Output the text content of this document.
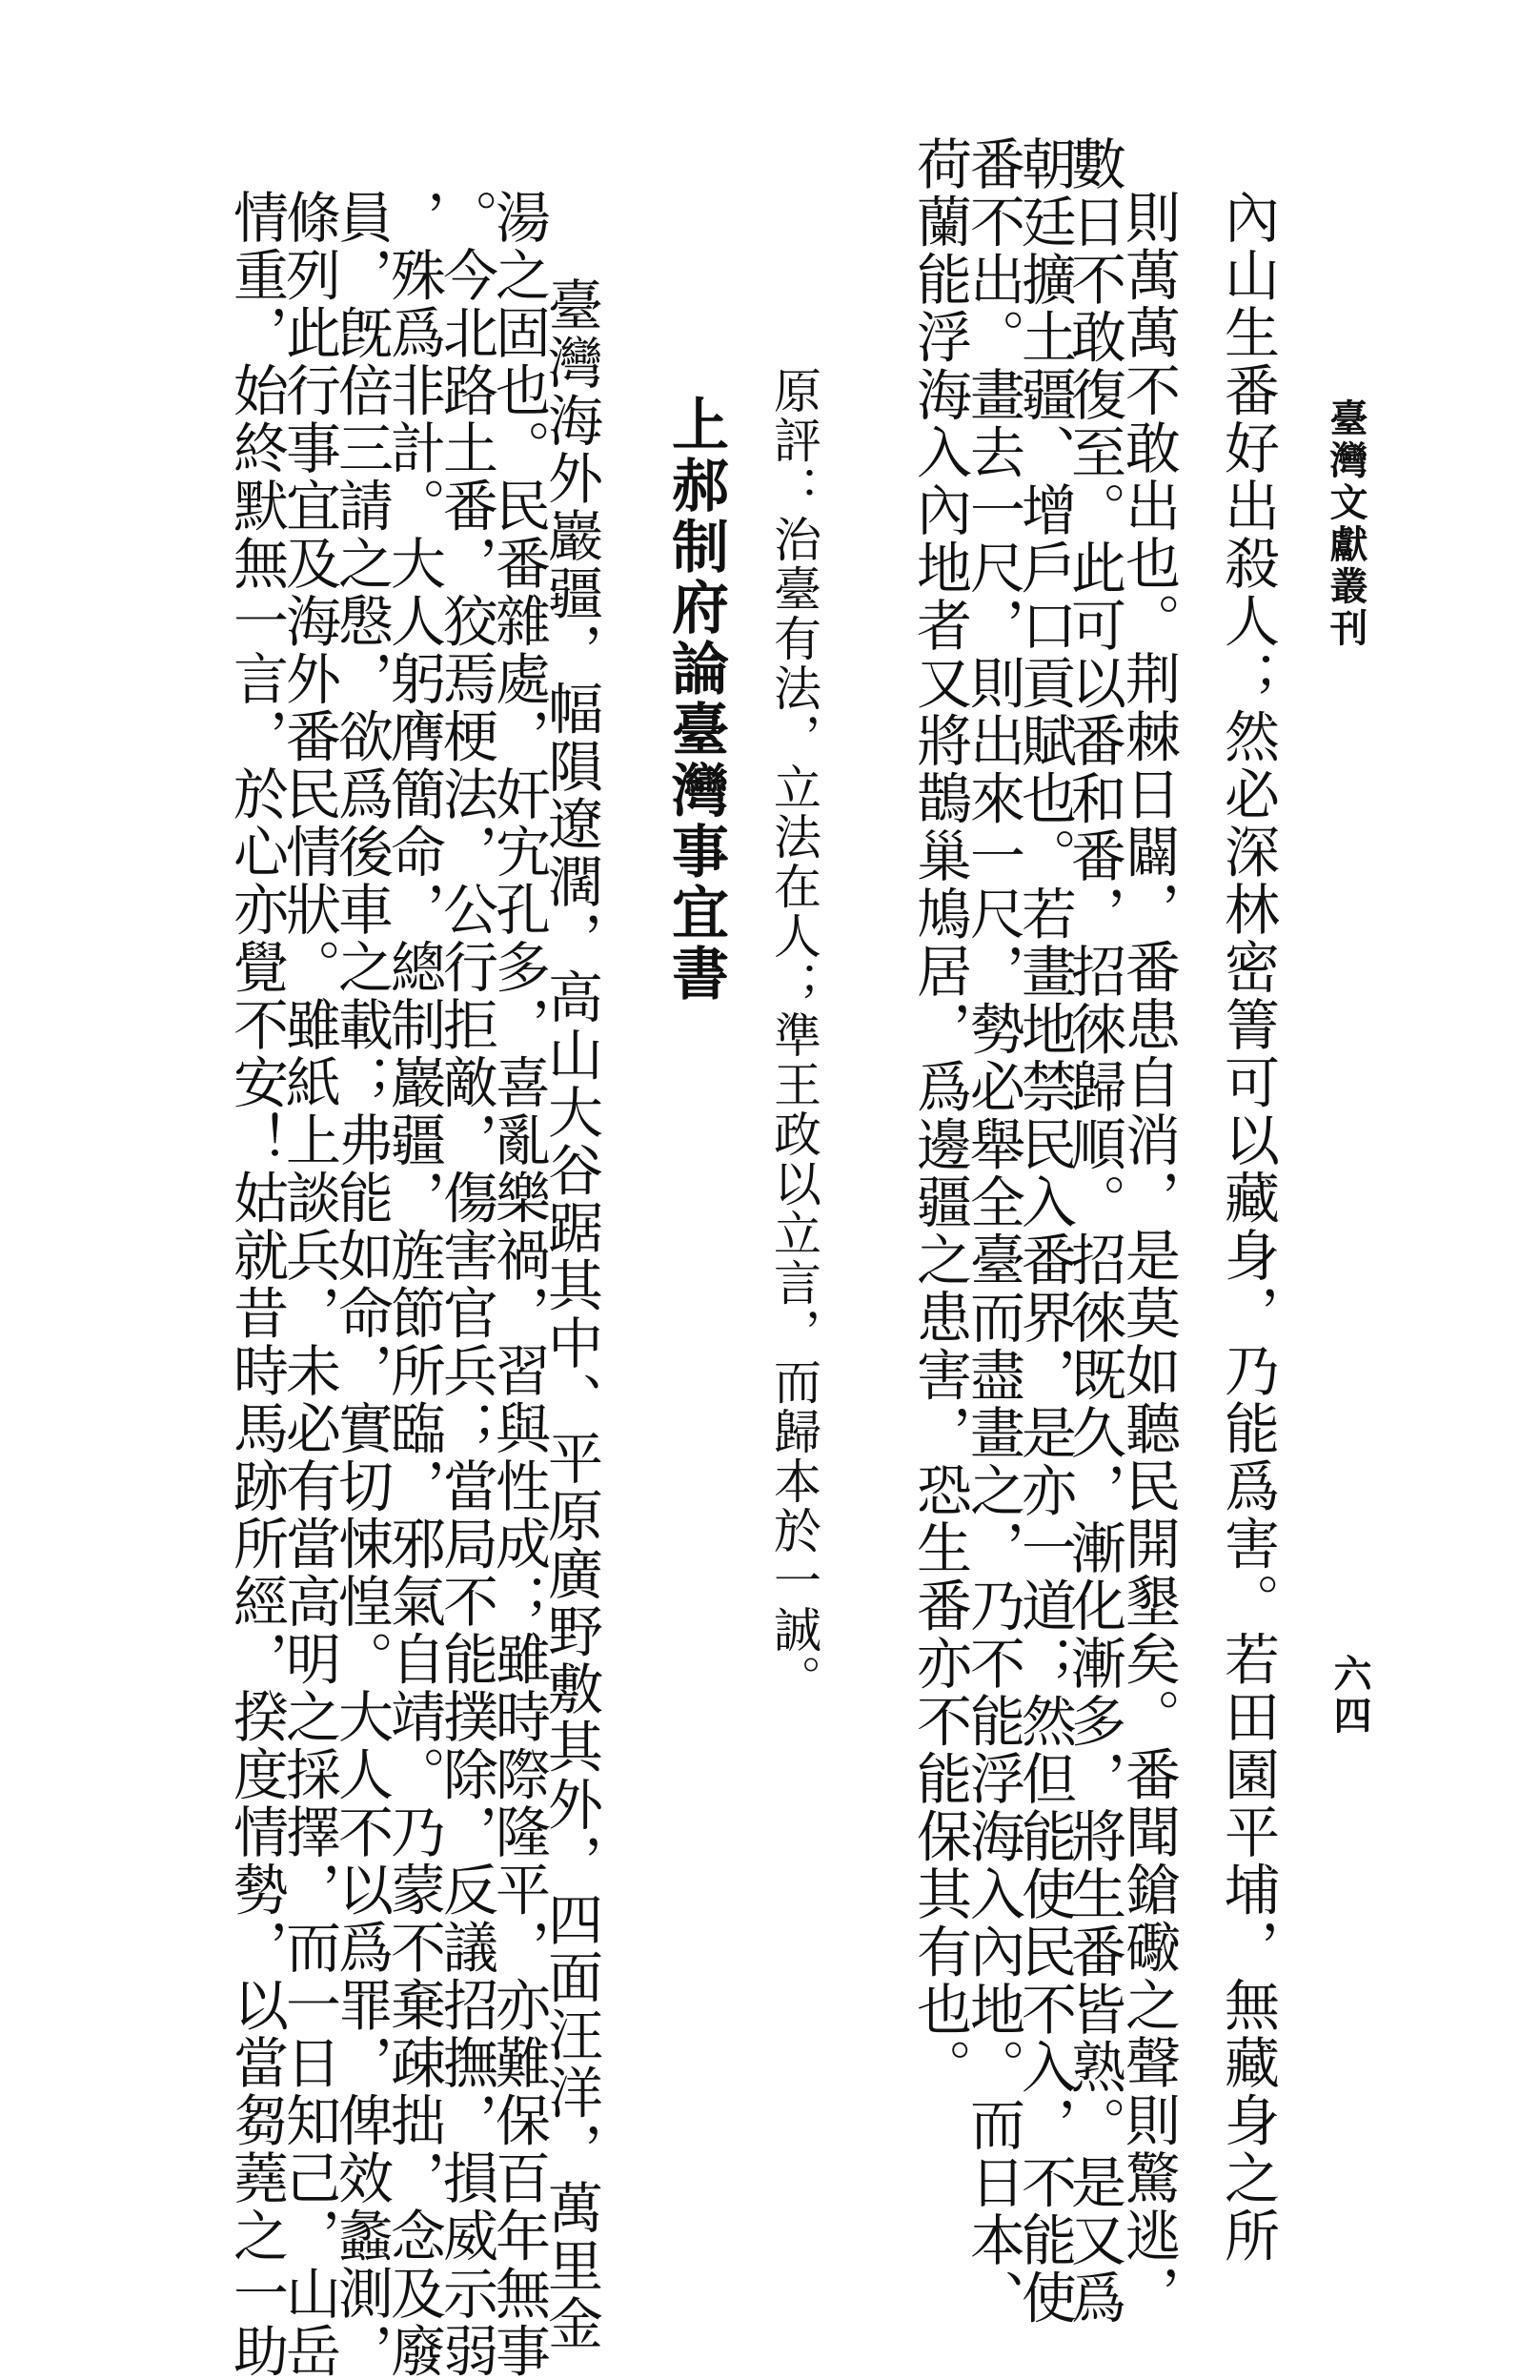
臺灣文獻叢刊
六四
內山生番好出殺人；然必深林密箐可以藏身，乃能爲害。若田園平埔，無藏身之所
則萬萬不敢出也。荆棘日闢，番患自消，是莫如聽民開墾矣。番聞鎗礮之聲則驚逃，
數日不敢復至。此可以番和番，招徠歸順。招徠既久，漸化漸多，將生番皆熟。是又爲
朝廷擴土疆、增戶口貢賦也。若畫地禁民入番界，是亦一道；然但能使民不入，不能使
番不出。畫去一尺，則出來一尺，勢必舉全臺而盡畫之，乃不能浮海入內地。而日本、
荷蘭能浮海入內地者又將鵲巢鳩居，爲邊疆之患害，恐生番亦不能保其有也。
原評：治臺有法，立法在人；準王政以立言，而歸本於一誠。
上郝制府論臺灣事宜書
臺灣海外巖疆，幅隕遼濶，高山大谷踞其中、平原廣野敷其外，四面汪洋，萬里金
湯之固也。民番雜處，奸宄孔多，喜亂樂禍，習與性成；雖時際隆平，亦難保百年無事
。今北路土番，狡焉梗法，公行拒敵，傷害官兵；當局不能撲除，反議招撫，損威示弱
，殊爲非計。大人躬膺簡命，總制巖疆，旌節所臨，邪氣自靖。乃蒙不棄疎拙，念及廢
員，旣倍三請之慇，欲爲後車之載；弗能如命，實切悚惶。大人不以爲罪，俾效蠡測，
條列此行事宜及海外番民情狀。雖紙上談兵，未必有當高明之採擇，而一日知己，山岳
情重，始終默無一言，於心亦覺不安！姑就昔時馬跡所經，揆度情勢，以當芻蕘之一助
